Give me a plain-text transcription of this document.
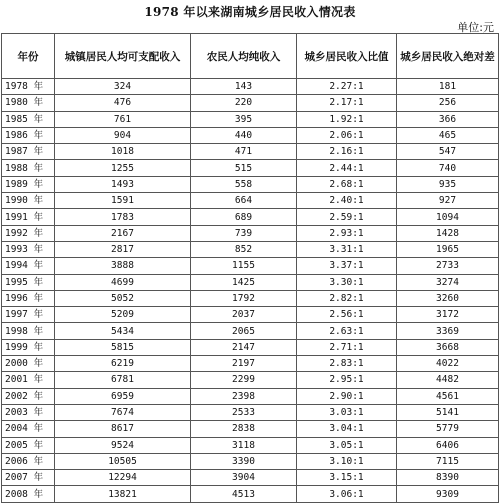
1978 年以来湖南城乡居民收入情况表
单位:元
年份	城镇居民人均可支配收入	农民人均纯收入	城乡居民收入比值	城乡居民收入绝对差
1978 年	324	143	2.27:1	181
1980 年	476	220	2.17:1	256
1985 年	761	395	1.92:1	366
1986 年	904	440	2.06:1	465
1987 年	1018	471	2.16:1	547
1988 年	1255	515	2.44:1	740
1989 年	1493	558	2.68:1	935
1990 年	1591	664	2.40:1	927
1991 年	1783	689	2.59:1	1094
1992 年	2167	739	2.93:1	1428
1993 年	2817	852	3.31:1	1965
1994 年	3888	1155	3.37:1	2733
1995 年	4699	1425	3.30:1	3274
1996 年	5052	1792	2.82:1	3260
1997 年	5209	2037	2.56:1	3172
1998 年	5434	2065	2.63:1	3369
1999 年	5815	2147	2.71:1	3668
2000 年	6219	2197	2.83:1	4022
2001 年	6781	2299	2.95:1	4482
2002 年	6959	2398	2.90:1	4561
2003 年	7674	2533	3.03:1	5141
2004 年	8617	2838	3.04:1	5779
2005 年	9524	3118	3.05:1	6406
2006 年	10505	3390	3.10:1	7115
2007 年	12294	3904	3.15:1	8390
2008 年	13821	4513	3.06:1	9309
